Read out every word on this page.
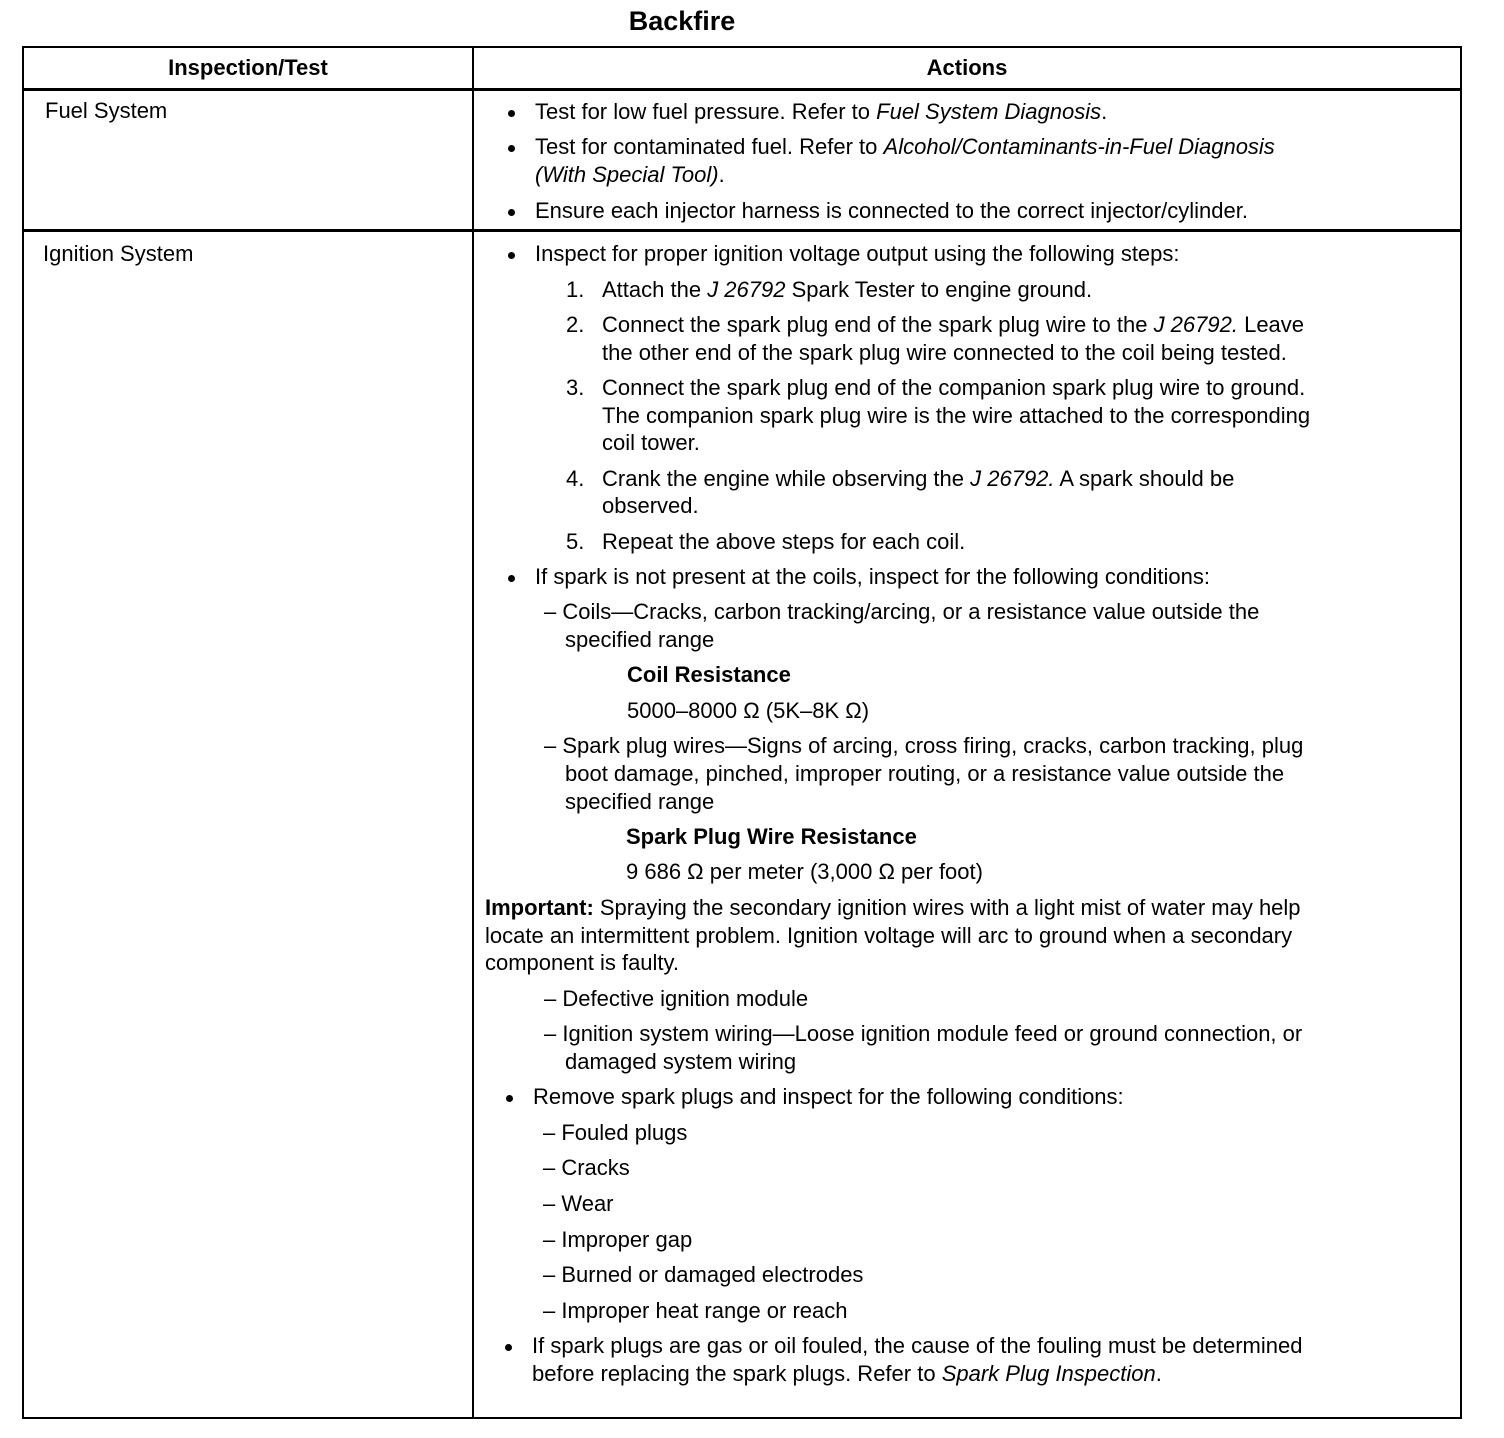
Backfire
Inspection/Test	Actions
Fuel System	Test for low fuel pressure. Refer to Fuel System Diagnosis.
Test for contaminated fuel. Refer to Alcohol/Contaminants-in-Fuel Diagnosis
(With Special Tool).
Ensure each injector harness is connected to the correct injector/cylinder.
Ignition System	Inspect for proper ignition voltage output using the following steps:
1. Attach the J 26792 Spark Tester to engine ground.
2. Connect the spark plug end of the spark plug wire to the J 26792. Leave
the other end of the spark plug wire connected to the coil being tested.
3. Connect the spark plug end of the companion spark plug wire to ground.
The companion spark plug wire is the wire attached to the corresponding
coil tower.
4. Crank the engine while observing the J 26792. A spark should be
observed.
5. Repeat the above steps for each coil.
If spark is not present at the coils, inspect for the following conditions:
– Coils—Cracks, carbon tracking/arcing, or a resistance value outside the
specified range
Coil Resistance
5000–8000 Ω (5K–8K Ω)
– Spark plug wires—Signs of arcing, cross firing, cracks, carbon tracking, plug
boot damage, pinched, improper routing, or a resistance value outside the
specified range
Spark Plug Wire Resistance
9 686 Ω per meter (3,000 Ω per foot)
Important: Spraying the secondary ignition wires with a light mist of water may help
locate an intermittent problem. Ignition voltage will arc to ground when a secondary
component is faulty.
– Defective ignition module
– Ignition system wiring—Loose ignition module feed or ground connection, or
damaged system wiring
Remove spark plugs and inspect for the following conditions:
– Fouled plugs
– Cracks
– Wear
– Improper gap
– Burned or damaged electrodes
– Improper heat range or reach
If spark plugs are gas or oil fouled, the cause of the fouling must be determined
before replacing the spark plugs. Refer to Spark Plug Inspection.
